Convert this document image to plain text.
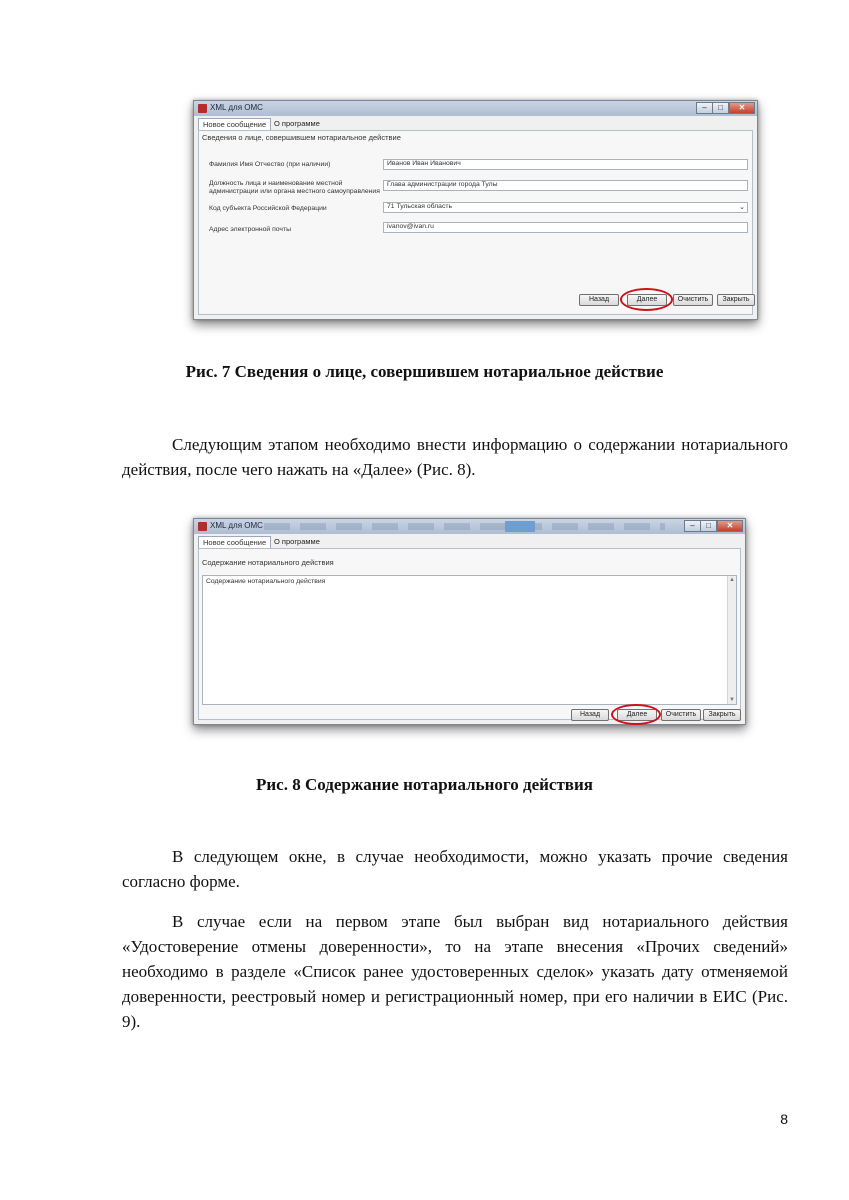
XML для ОМС	–	□	✕
Новое сообщение	О программе
Сведения о лице, совершившем нотариальное действие
Фамилия Имя Отчество (при наличии)	Иванов Иван Иванович
Должность лица и наименование местной администрации или органа местного самоуправления
Глава администрации города Тулы
Код субъекта Российской Федерации	71 Тульская область	⌄
Адрес электронной почты	ivanov@ivan.ru
Назад	Далее	Очистить	Закрыть
Рис. 7 Сведения о лице, совершившем нотариальное действие
Следующим этапом необходимо внести информацию о содержании нотариального
действия, после чего нажать на «Далее» (Рис. 8).
XML для ОМС	–	□	✕
Новое сообщение	О программе
Содержание нотариального действия
Содержание нотариального действия	▲
▼
Назад	Далее	Очистить	Закрыть
Рис. 8 Содержание нотариального действия
В следующем окне, в случае необходимости, можно указать прочие сведения
согласно форме.
В случае если на первом этапе был выбран вид нотариального действия
«Удостоверение отмены доверенности», то на этапе внесения «Прочих сведений»
необходимо в разделе «Список ранее удостоверенных сделок» указать дату отменяемой
доверенности, реестровый номер и регистрационный номер, при его наличии в ЕИС (Рис.
9).
8
